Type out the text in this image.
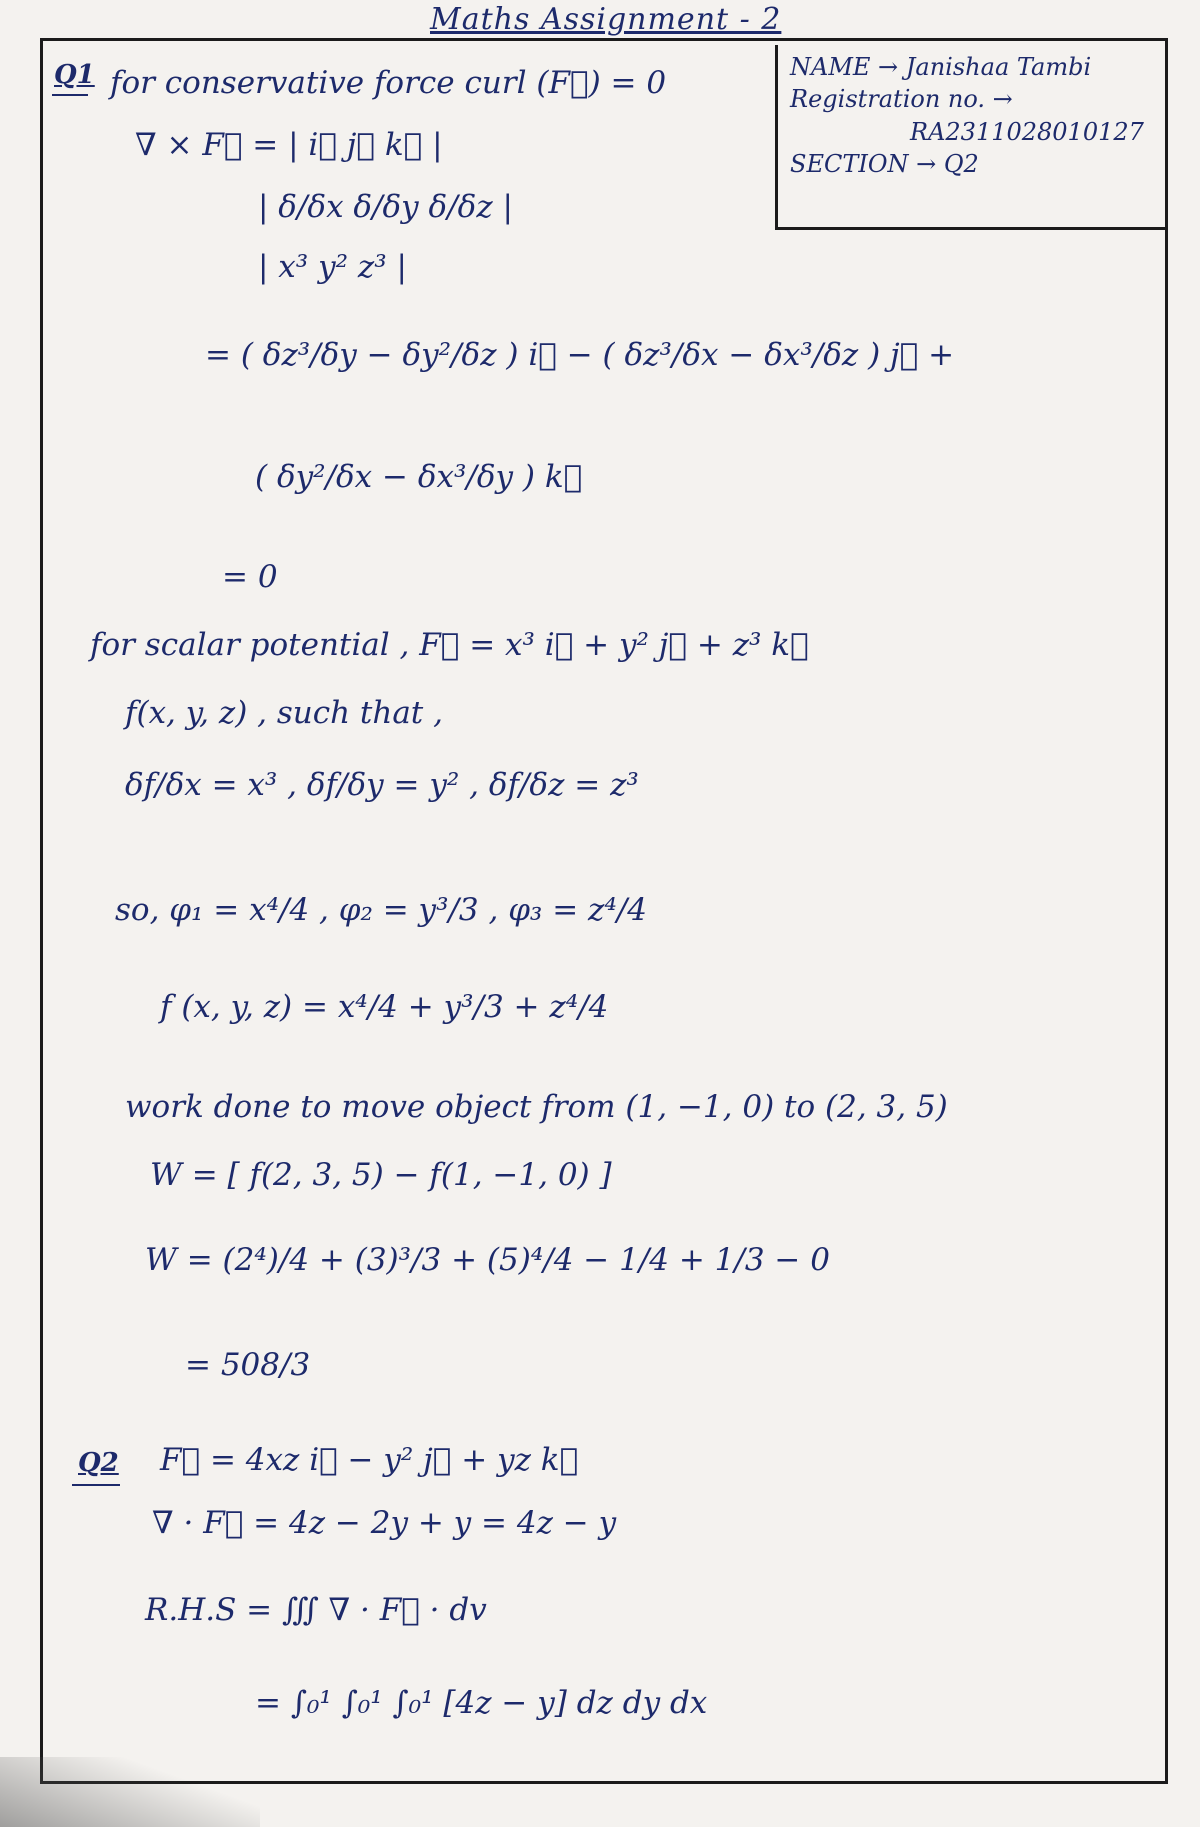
Maths Assignment - 2
NAME → Janishaa Tambi
Registration no. →
RA2311028010127
SECTION → Q2
Q1 for conservative force curl (F⃗) = 0
∇ × F⃗ = | i⃗ j⃗ k⃗ |
| δ/δx δ/δy δ/δz |
| x³ y² z³ |
= ( δz³/δy − δy²/δz ) i⃗ − ( δz³/δx − δx³/δz ) j⃗ +
( δy²/δx − δx³/δy ) k⃗
= 0
for scalar potential , F⃗ = x³ i⃗ + y² j⃗ + z³ k⃗
f(x, y, z) , such that ,
δf/δx = x³ , δf/δy = y² , δf/δz = z³
so, φ₁ = x⁴/4 , φ₂ = y³/3 , φ₃ = z⁴/4
f (x, y, z) = x⁴/4 + y³/3 + z⁴/4
work done to move object from (1, −1, 0) to (2, 3, 5)
W = [ f(2, 3, 5) − f(1, −1, 0) ]
W = (2⁴)/4 + (3)³/3 + (5)⁴/4 − 1/4 + 1/3 − 0
= 508/3
Q2 F⃗ = 4xz i⃗ − y² j⃗ + yz k⃗
∇ · F⃗ = 4z − 2y + y = 4z − y
R.H.S = ∭ ∇ · F⃗ · dv
= ∫₀¹ ∫₀¹ ∫₀¹ [4z − y] dz dy dx
